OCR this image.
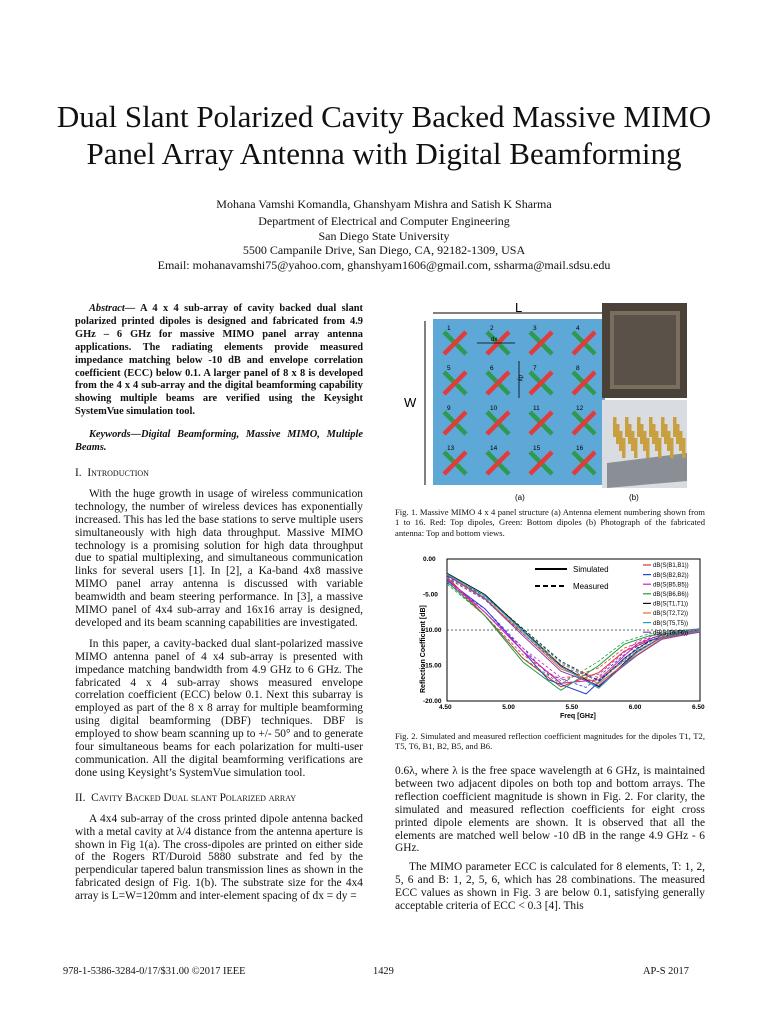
Dual Slant Polarized Cavity Backed Massive MIMO
Panel Array Antenna with Digital Beamforming
Mohana Vamshi Komandla, Ghanshyam Mishra and Satish K Sharma
Department of Electrical and Computer Engineering
San Diego State University
5500 Campanile Drive, San Diego, CA, 92182-1309, USA
Email: mohanavamshi75@yahoo.com, ghanshyam1606@gmail.com, ssharma@mail.sdsu.edu

Abstract— A 4 x 4 sub-array of cavity backed dual slant polarized printed dipoles is designed and fabricated from 4.9 GHz – 6 GHz for massive MIMO panel array antenna applications. The radiating elements provide measured impedance matching below -10 dB and envelope correlation coefficient (ECC) below 0.1. A larger panel of 8 x 8 is developed from the 4 x 4 sub-array and the digital beamforming capability showing multiple beams are verified using the Keysight SystemVue simulation tool.

Keywords—Digital Beamforming, Massive MIMO, Multiple Beams.

I. Introduction

With the huge growth in usage of wireless communication technology, the number of wireless devices has exponentially increased. This has led the base stations to serve multiple users simultaneously with high data throughput. Massive MIMO technology is a promising solution for high data throughput due to spatial multiplexing, and simultaneous communication links for several users [1]. In [2], a Ka-band 4x8 massive MIMO panel array antenna is discussed with variable beamwidth and beam steering performance. In [3], a massive MIMO panel of 4x4 sub-array and 16x16 array is designed, developed and its beam scanning capabilities are investigated.

In this paper, a cavity-backed dual slant-polarized massive MIMO antenna panel of 4 x4 sub-array is presented with impedance matching bandwidth from 4.9 GHz to 6 GHz. The fabricated 4 x 4 sub-array shows measured envelope correlation coefficient (ECC) below 0.1. Next this subarray is employed as part of the 8 x 8 array for multiple beamforming using digital beamforming (DBF) techniques. DBF is employed to show beam scanning up to +/- 50° and to generate four simultaneous beams for each polarization for multi-user communication. All the digital beamforming verifications are done using Keysight’s SystemVue simulation tool.

II. Cavity Backed Dual slant Polarized array

A 4x4 sub-array of the cross printed dipole antenna backed with a metal cavity at λ/4 distance from the antenna aperture is shown in Fig 1(a). The cross-dipoles are printed on either side of the Rogers RT/Duroid 5880 substrate and fed by the perpendicular tapered balun transmission lines as shown in the fabricated design of Fig. 1(b). The substrate size for the 4x4 array is L=W=120mm and inter-element spacing of dx = dy =

L
W
1	2	3	4
5	6	7	8
9	10	11	12
13	14	15	16
dx
dy
(a)	(b)
Fig. 1. Massive MIMO 4 x 4 panel structure (a) Antenna element numbering shown from 1 to 16. Red: Top dipoles, Green: Bottom dipoles (b) Photograph of the fabricated antenna: Top and bottom views.
4.50	5.00	5.50	6.00	6.50
0.00
-5.00
-10.00
-15.00
-20.00
Freq [GHz]
Reflection Coefficient [dB]
dB(S(B1,B1))
dB(S(B2,B2))
dB(S(B5,B5))
dB(S(B6,B6))
dB(S(T1,T1))
dB(S(T2,T2))
dB(S(T5,T5))
dB(S(T6,T6))
Simulated
Measured
Fig. 2. Simulated and measured reflection coefficient magnitudes for the dipoles T1, T2, T5, T6, B1, B2, B5, and B6.

0.6λ, where λ is the free space wavelength at 6 GHz, is maintained between two adjacent dipoles on both top and bottom arrays. The reflection coefficient magnitude is shown in Fig. 2. For clarity, the simulated and measured reflection coefficients for eight cross printed dipole elements are shown. It is observed that all the elements are matched well below -10 dB in the range 4.9 GHz - 6 GHz.

The MIMO parameter ECC is calculated for 8 elements, T: 1, 2, 5, 6 and B: 1, 2, 5, 6, which has 28 combinations. The measured ECC values as shown in Fig. 3 are below 0.1, satisfying generally acceptable criteria of ECC < 0.3 [4]. This

978-1-5386-3284-0/17/$31.00 ©2017 IEEE	1429	AP-S 2017
